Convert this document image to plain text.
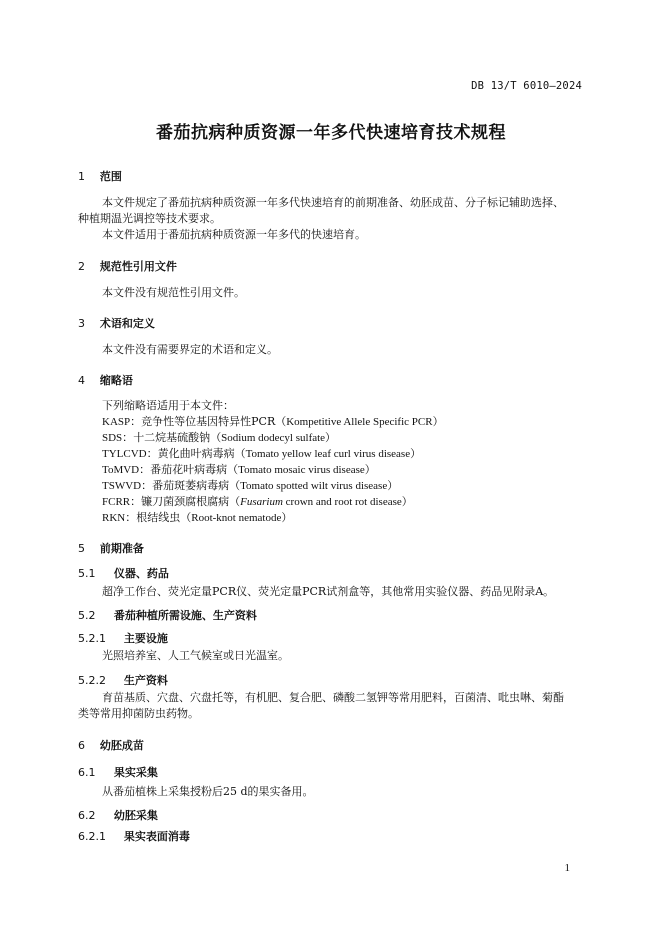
DB 13/T 6010—2024
番茄抗病种质资源一年多代快速培育技术规程
1 范围
本文件规定了番茄抗病种质资源一年多代快速培育的前期准备、幼胚成苗、分子标记辅助选择、
种植期温光调控等技术要求。
本文件适用于番茄抗病种质资源一年多代的快速培育。
2 规范性引用文件
本文件没有规范性引用文件。
3 术语和定义
本文件没有需要界定的术语和定义。
4 缩略语
下列缩略语适用于本文件：
KASP：竞争性等位基因特异性PCR（Kompetitive Allele Specific PCR）
SDS：十二烷基硫酸钠（Sodium dodecyl sulfate）
TYLCVD：黄化曲叶病毒病（Tomato yellow leaf curl virus disease）
ToMVD：番茄花叶病毒病（Tomato mosaic virus disease）
TSWVD：番茄斑萎病毒病（Tomato spotted wilt virus disease）
FCRR：镰刀菌颈腐根腐病（Fusarium crown and root rot disease）
RKN：根结线虫（Root-knot nematode）
5 前期准备
5.1 仪器、药品
超净工作台、荧光定量PCR仪、荧光定量PCR试剂盒等，其他常用实验仪器、药品见附录A。
5.2 番茄种植所需设施、生产资料
5.2.1 主要设施
光照培养室、人工气候室或日光温室。
5.2.2 生产资料
育苗基质、穴盘、穴盘托等，有机肥、复合肥、磷酸二氢钾等常用肥料，百菌清、吡虫啉、菊酯
类等常用抑菌防虫药物。
6 幼胚成苗
6.1 果实采集
从番茄植株上采集授粉后25 d的果实备用。
6.2 幼胚采集
6.2.1 果实表面消毒
1
